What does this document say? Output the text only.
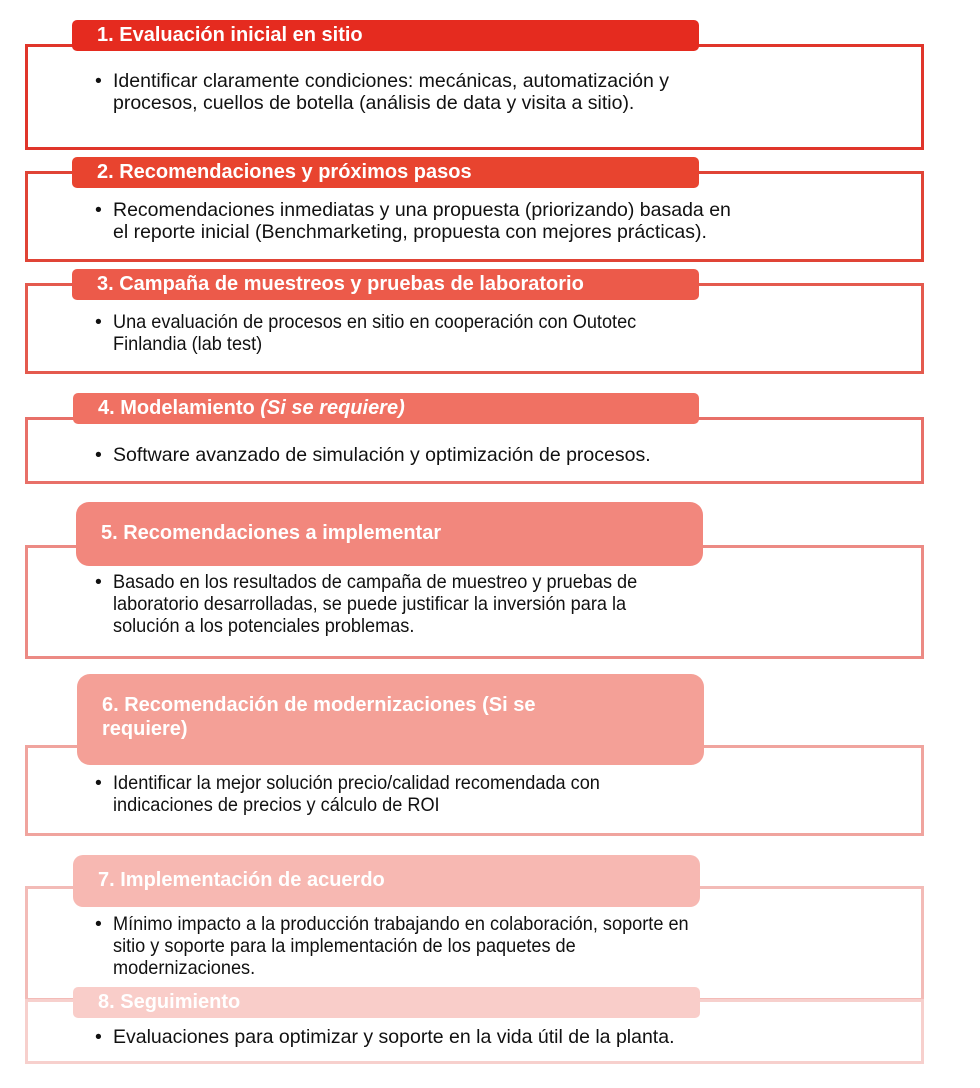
1. Evaluación inicial en sitio
• Identificar claramente condiciones: mecánicas, automatización y
procesos, cuellos de botella (análisis de data y visita a sitio).
2. Recomendaciones y próximos pasos
• Recomendaciones inmediatas y una propuesta (priorizando) basada en
el reporte inicial (Benchmarketing, propuesta con mejores prácticas).
3. Campaña de muestreos y pruebas de laboratorio
• Una evaluación de procesos en sitio en cooperación con Outotec
Finlandia (lab test)
4. Modelamiento (Si se requiere)
• Software avanzado de simulación y optimización de procesos.
5. Recomendaciones a implementar
• Basado en los resultados de campaña de muestreo y pruebas de
laboratorio desarrolladas, se puede justificar la inversión para la
solución a los potenciales problemas.
6. Recomendación de modernizaciones (Si se requiere)
• Identificar la mejor solución precio/calidad recomendada con
indicaciones de precios y cálculo de ROI
7. Implementación de acuerdo
• Mínimo impacto a la producción trabajando en colaboración, soporte en
sitio y soporte para la implementación de los paquetes de
modernizaciones.
8. Seguimiento
• Evaluaciones para optimizar y soporte en la vida útil de la planta.
